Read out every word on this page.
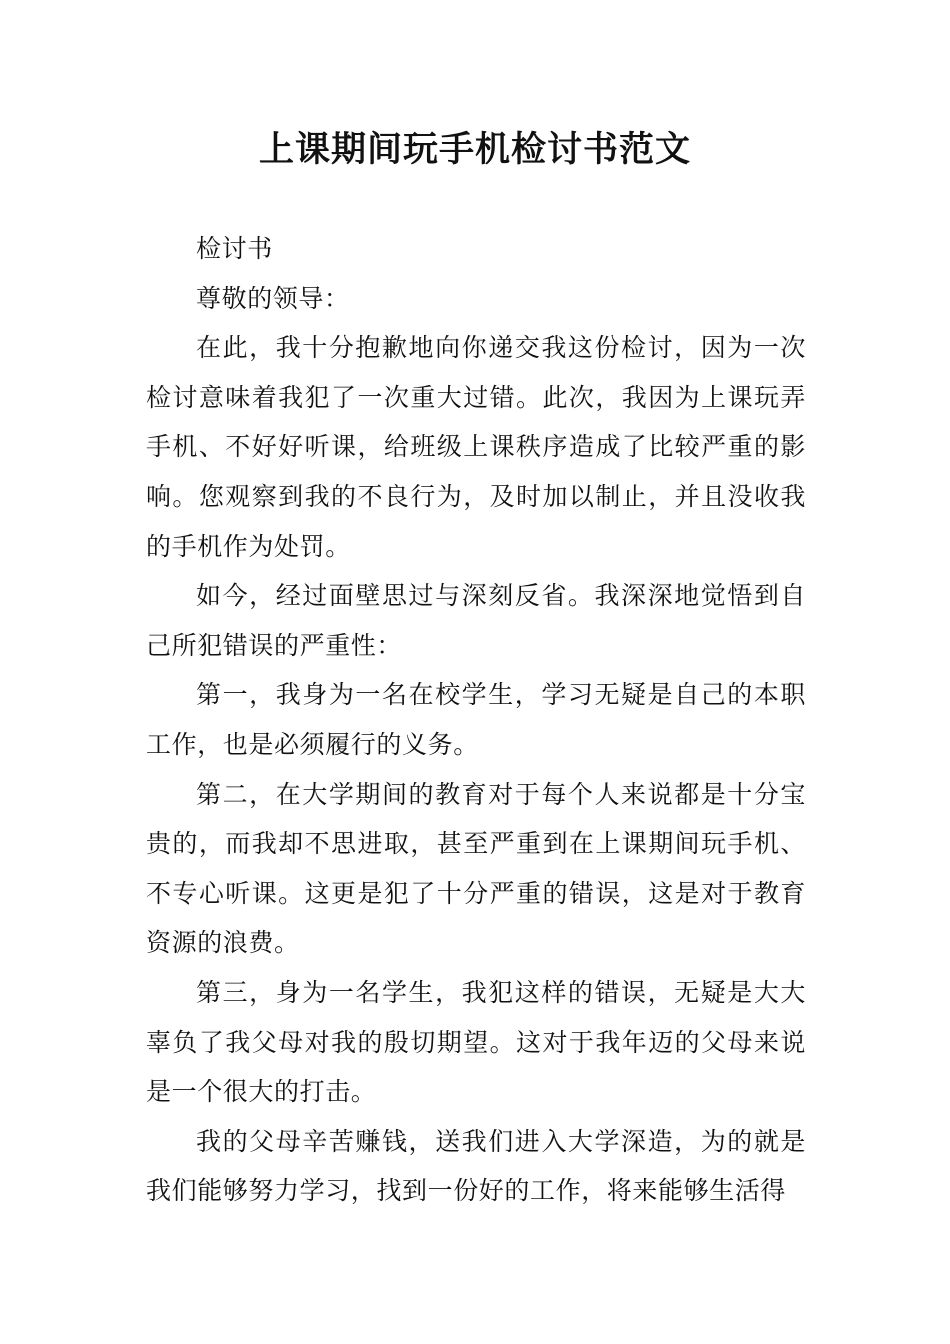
上课期间玩手机检讨书范文

检讨书

尊敬的领导：

在此，我十分抱歉地向你递交我这份检讨，因为一次检讨意味着我犯了一次重大过错。此次，我因为上课玩弄手机、不好好听课，给班级上课秩序造成了比较严重的影响。您观察到我的不良行为，及时加以制止，并且没收我的手机作为处罚。

如今，经过面壁思过与深刻反省。我深深地觉悟到自己所犯错误的严重性：

第一，我身为一名在校学生，学习无疑是自己的本职工作，也是必须履行的义务。

第二，在大学期间的教育对于每个人来说都是十分宝贵的，而我却不思进取，甚至严重到在上课期间玩手机、不专心听课。这更是犯了十分严重的错误，这是对于教育资源的浪费。

第三，身为一名学生，我犯这样的错误，无疑是大大辜负了我父母对我的殷切期望。这对于我年迈的父母来说是一个很大的打击。

我的父母辛苦赚钱，送我们进入大学深造，为的就是我们能够努力学习，找到一份好的工作，将来能够生活得
